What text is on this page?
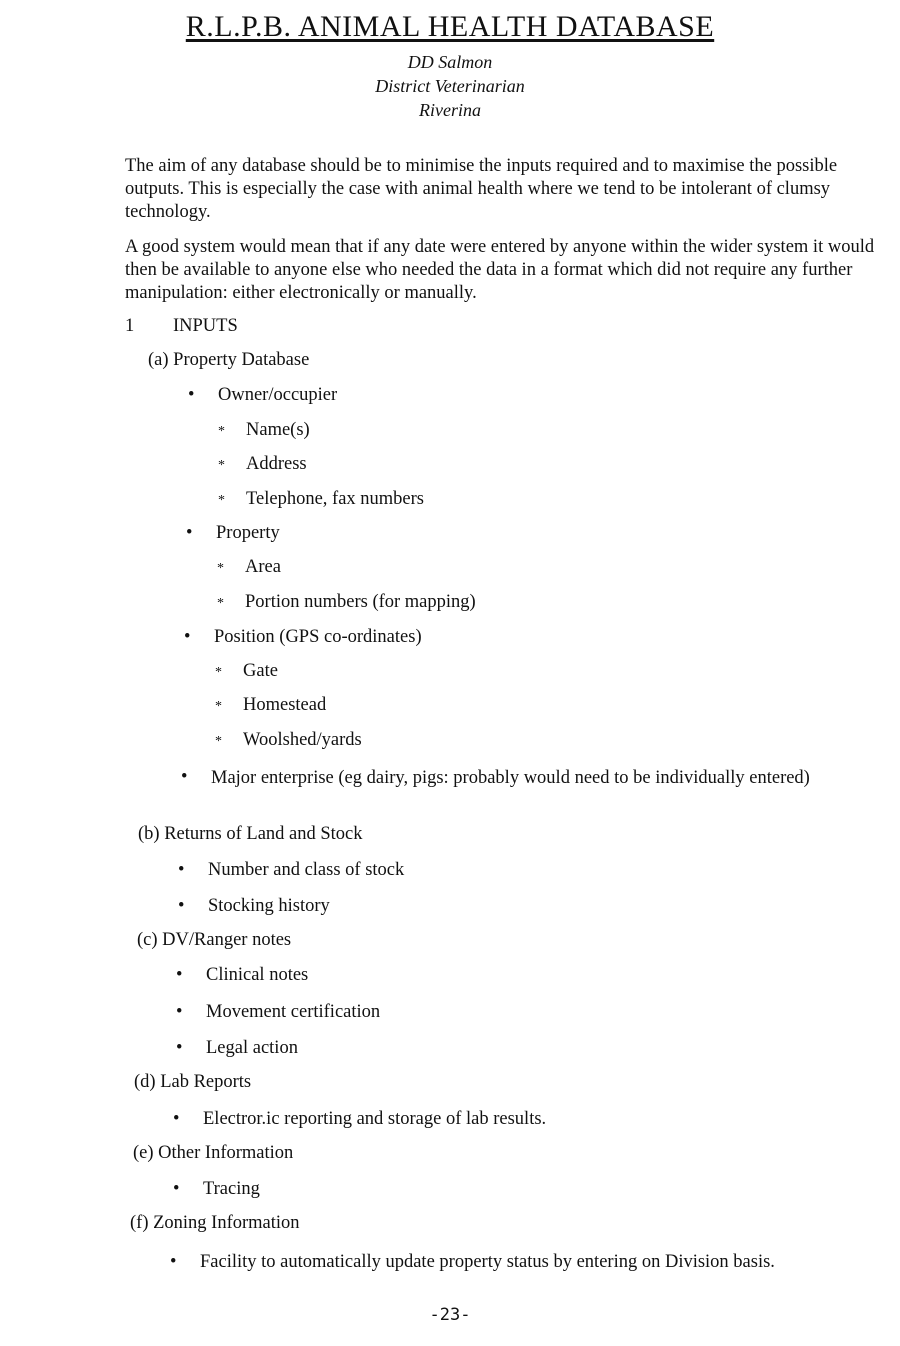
R.L.P.B. ANIMAL HEALTH DATABASE
DD Salmon
District Veterinarian
Riverina
The aim of any database should be to minimise the inputs required and to maximise the possible outputs. This is especially the case with animal health where we tend to be intolerant of clumsy technology.
A good system would mean that if any date were entered by anyone within the wider system it would then be available to anyone else who needed the data in a format which did not require any further manipulation: either electronically or manually.
1 INPUTS
(a) Property Database
• Owner/occupier
* Name(s)
* Address
* Telephone, fax numbers
• Property
* Area
* Portion numbers (for mapping)
• Position (GPS co-ordinates)
* Gate
* Homestead
* Woolshed/yards
•	Major enterprise (eg dairy, pigs: probably would need to be individually entered)
(b) Returns of Land and Stock
• Number and class of stock
• Stocking history
(c) DV/Ranger notes
• Clinical notes
• Movement certification
• Legal action
(d) Lab Reports
• Electror.ic reporting and storage of lab results.
(e) Other Information
• Tracing
(f) Zoning Information
• Facility to automatically update property status by entering on Division basis.
-23-
